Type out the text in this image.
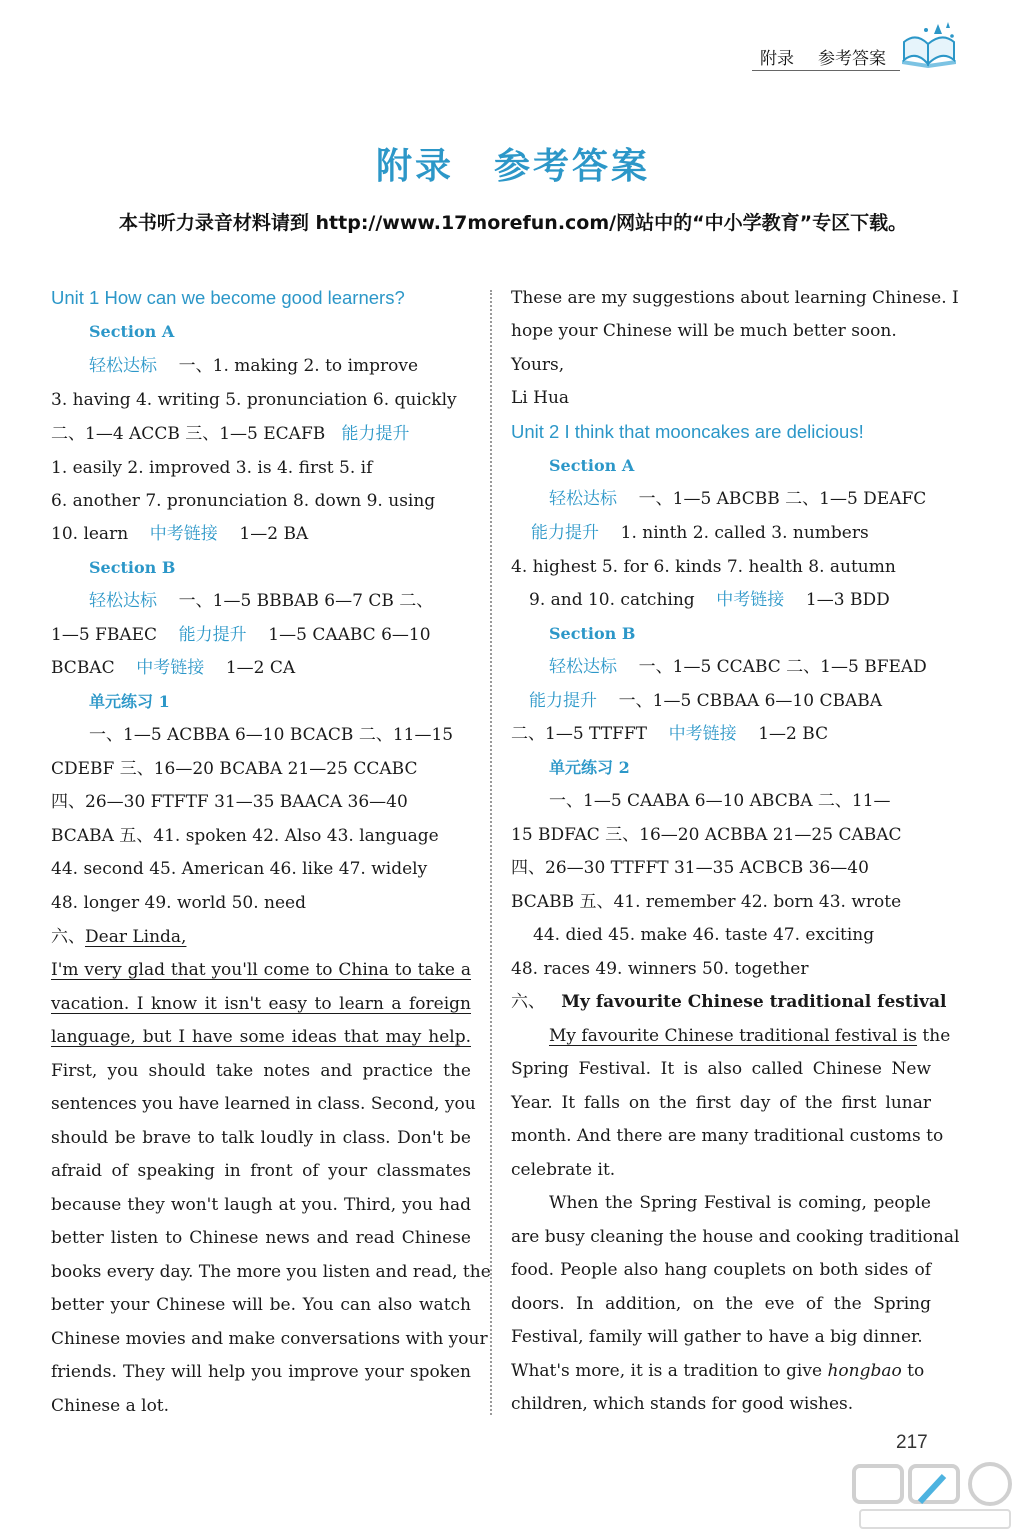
附录 参考答案
附录 参考答案
本书听力录音材料请到 http://www.17morefun.com/网站中的“中小学教育”专区下载。
Unit 1 How can we become good learners?
Section A
轻松达标 一、1. making 2. to improve
3. having 4. writing 5. pronunciation 6. quickly
二、1—4 ACCB 三、1—5 ECAFB 能力提升
1. easily 2. improved 3. is 4. first 5. if
6. another 7. pronunciation 8. down 9. using
10. learn 中考链接 1—2 BA
Section B
轻松达标 一、1—5 BBBAB 6—7 CB 二、
1—5 FBAEC 能力提升 1—5 CAABC 6—10
BCBAC 中考链接 1—2 CA
单元练习 1
一、1—5 ACBBA 6—10 BCACB 二、11—15
CDEBF 三、16—20 BCABA 21—25 CCABC
四、26—30 FTFTF 31—35 BAACA 36—40
BCABA 五、41. spoken 42. Also 43. language
44. second 45. American 46. like 47. widely
48. longer 49. world 50. need
六、Dear Linda,
I'm very glad that you'll come to China to take a
vacation. I know it isn't easy to learn a foreign
language, but I have some ideas that may help.
First, you should take notes and practice the
sentences you have learned in class. Second, you
should be brave to talk loudly in class. Don't be
afraid of speaking in front of your classmates
because they won't laugh at you. Third, you had
better listen to Chinese news and read Chinese
books every day. The more you listen and read, the
better your Chinese will be. You can also watch
Chinese movies and make conversations with your
friends. They will help you improve your spoken
Chinese a lot.
These are my suggestions about learning Chinese. I
hope your Chinese will be much better soon.
Yours,
Li Hua
Unit 2 I think that mooncakes are delicious!
Section A
轻松达标 一、1—5 ABCBB 二、1—5 DEAFC
能力提升 1. ninth 2. called 3. numbers
4. highest 5. for 6. kinds 7. health 8. autumn
9. and 10. catching 中考链接 1—3 BDD
Section B
轻松达标 一、1—5 CCABC 二、1—5 BFEAD
能力提升 一、1—5 CBBAA 6—10 CBABA
二、1—5 TTFFT 中考链接 1—2 BC
单元练习 2
一、1—5 CAABA 6—10 ABCBA 二、11—
15 BDFAC 三、16—20 ACBBA 21—25 CABAC
四、26—30 TTFFT 31—35 ACBCB 36—40
BCABB 五、41. remember 42. born 43. wrote
44. died 45. make 46. taste 47. exciting
48. races 49. winners 50. together
六、 My favourite Chinese traditional festival
My favourite Chinese traditional festival is the
Spring Festival. It is also called Chinese New
Year. It falls on the first day of the first lunar
month. And there are many traditional customs to
celebrate it.
When the Spring Festival is coming, people
are busy cleaning the house and cooking traditional
food. People also hang couplets on both sides of
doors. In addition, on the eve of the Spring
Festival, family will gather to have a big dinner.
What's more, it is a tradition to give hongbao to
children, which stands for good wishes.
217
